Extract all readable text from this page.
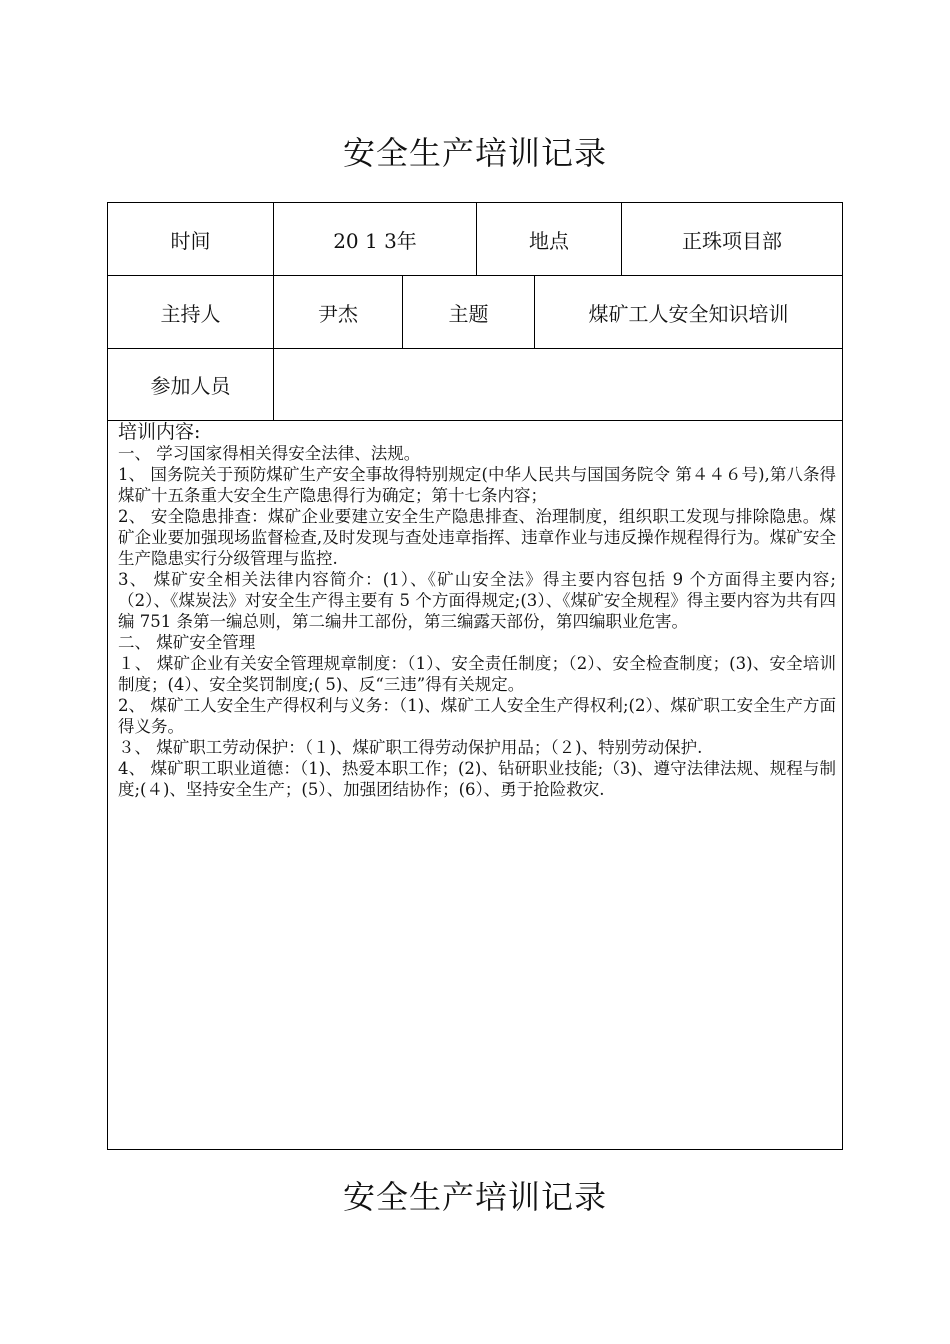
安全生产培训记录
时间	20 1 3年	地点	正珠项目部
主持人	尹杰	主题	煤矿工人安全知识培训
参加人员

培训内容:

一、 学习国家得相关得安全法律、法规。

1、 国务院关于预防煤矿生产安全事故得特别规定(中华人民共与国国务院令 第４４６号),第八条得煤矿十五条重大安全生产隐患得行为确定；第十七条内容；

2、 安全隐患排查：煤矿企业要建立安全生产隐患排查、治理制度，组织职工发现与排除隐患。煤矿企业要加强现场监督检查,及时发现与查处违章指挥、违章作业与违反操作规程得行为。煤矿安全生产隐患实行分级管理与监控.

3、 煤矿安全相关法律内容简介：(1）、《矿山安全法》得主要内容包括 9 个方面得主要内容;（2）、《煤炭法》对安全生产得主要有 5 个方面得规定;(3）、《煤矿安全规程》得主要内容为共有四编 751 条第一编总则，第二编井工部份，第三编露天部份，第四编职业危害。

二、 煤矿安全管理

１、 煤矿企业有关安全管理规章制度：（1）、安全责任制度；（2）、安全检查制度；(3)、安全培训制度；(4）、安全奖罚制度;( 5)、反“三违”得有关规定。

2、 煤矿工人安全生产得权利与义务：（1)、煤矿工人安全生产得权利;(2）、煤矿职工安全生产方面得义务。

３、 煤矿职工劳动保护：（１)、煤矿职工得劳动保护用品；（２)、特别劳动保护.

4、 煤矿职工职业道德：（1)、热爱本职工作；(2)、钻研职业技能;（3)、遵守法律法规、规程与制度;(４)、坚持安全生产；(5）、加强团结协作；(6）、勇于抢险救灾.

安全生产培训记录
